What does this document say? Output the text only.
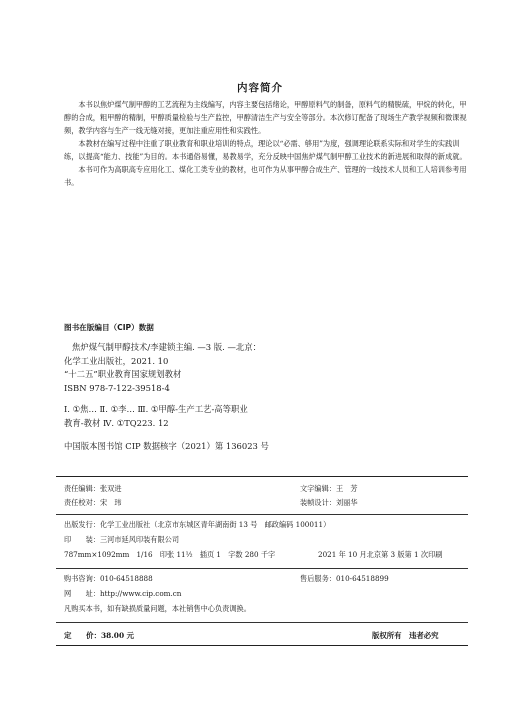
内容简介

本书以焦炉煤气制甲醇的工艺流程为主线编写，内容主要包括绪论，甲醇原料气的制备，原料气的精脱硫，甲烷的转化，甲醇的合成，粗甲醇的精制，甲醇质量检验与生产监控，甲醇清洁生产与安全等部分。本次修订配备了现场生产教学视频和微课视频，教学内容与生产一线无缝对接，更加注重应用性和实践性。

本教材在编写过程中注重了职业教育和职业培训的特点，理论以“必需、够用”为度，强调理论联系实际和对学生的实践训练，以提高“能力、技能”为目的。本书通俗易懂，易教易学，充分反映中国焦炉煤气制甲醇工业技术的新进展和取得的新成就。

本书可作为高职高专应用化工、煤化工类专业的教材，也可作为从事甲醇合成生产、管理的一线技术人员和工人培训参考用书。

图书在版编目（CIP）数据
焦炉煤气制甲醇技术/李建锁主编. —3 版. —北京：
化学工业出版社，2021. 10
“十二五”职业教育国家规划教材
ISBN 978-7-122-39518-4
Ⅰ. ①焦… Ⅱ. ①李… Ⅲ. ①甲醇-生产工艺-高等职业
教育-教材 Ⅳ. ①TQ223. 12
中国版本图书馆 CIP 数据核字（2021）第 136023 号
责任编辑：张双进	文字编辑：王　芳
责任校对：宋　玮	装帧设计：刘丽华
出版发行：化学工业出版社（北京市东城区青年湖南街 13 号　邮政编码 100011）
印　　装：三河市延风印装有限公司
787mm×1092mm　1/16　印张 11½　插页 1　字数 280 千字	2021 年 10 月北京第 3 版第 1 次印刷
购书咨询：010-64518888	售后服务：010-64518899
网　　址：http://www.cip.com.cn
凡购买本书，如有缺损质量问题，本社销售中心负责调换。
定　　价：38.00 元	版权所有　违者必究
